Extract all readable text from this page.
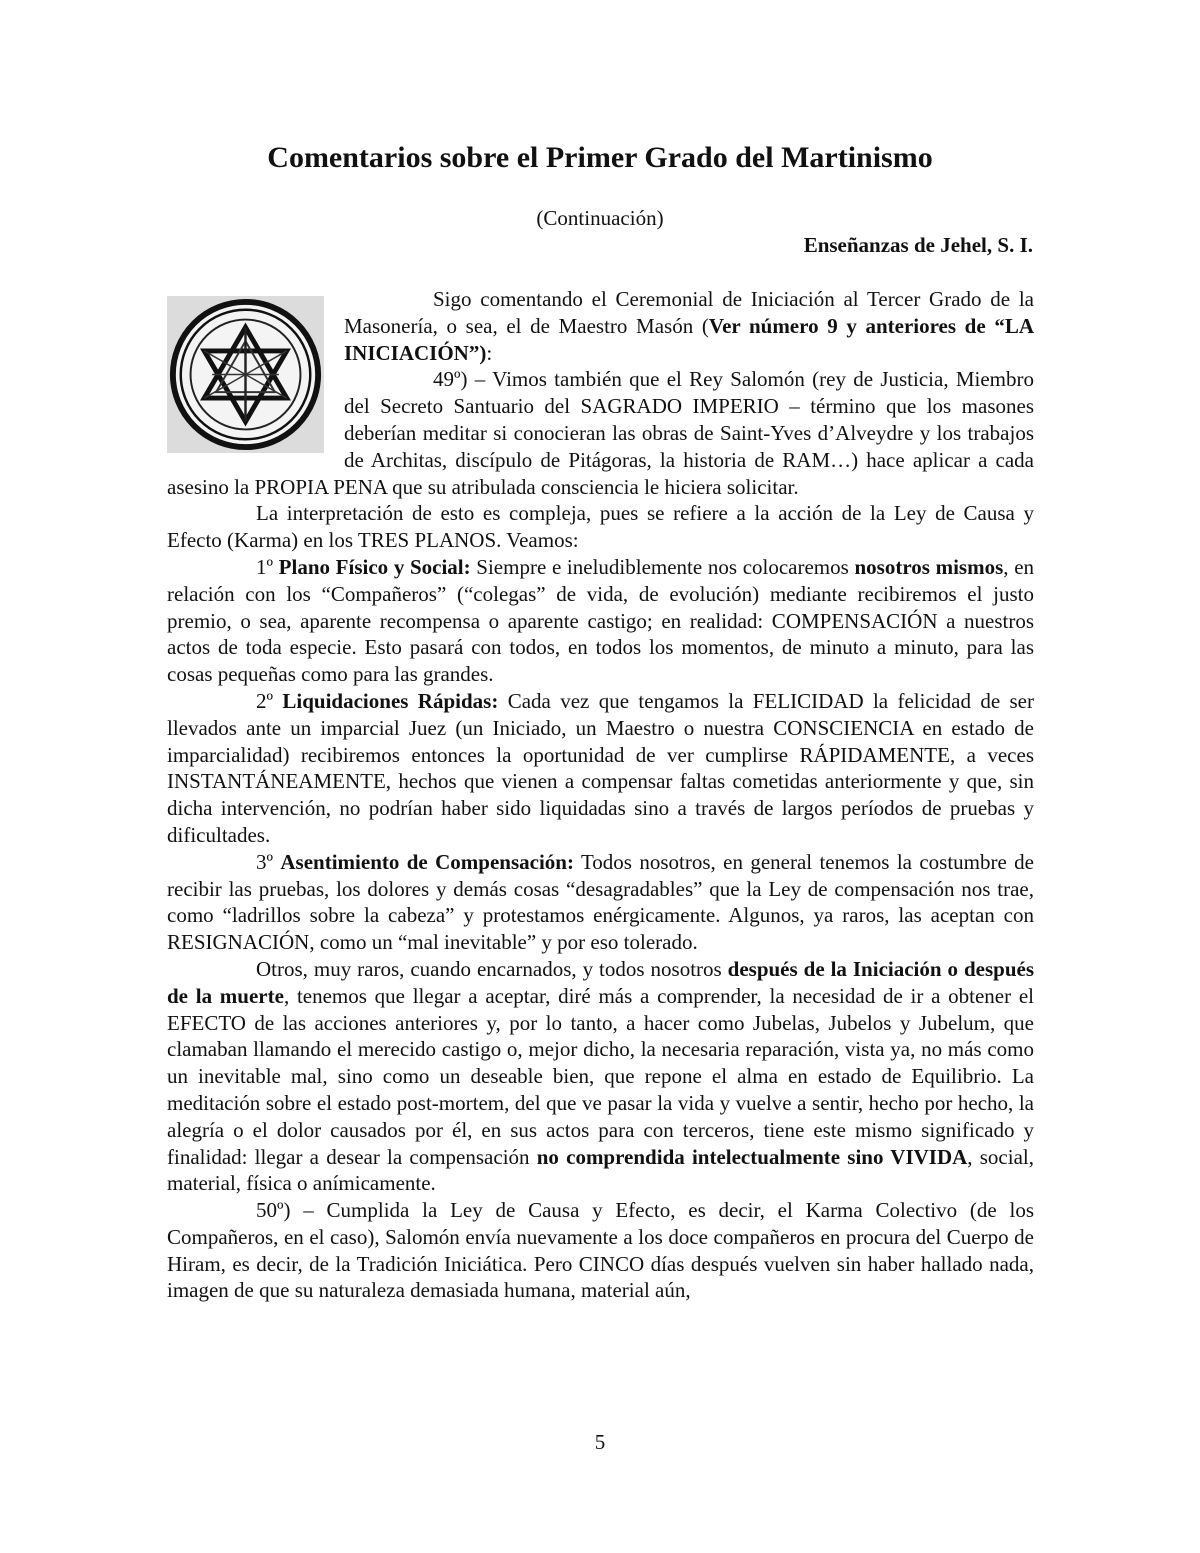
Comentarios sobre el Primer Grado del Martinismo
(Continuación)
Enseñanzas de Jehel, S. I.

Sigo comentando el Ceremonial de Iniciación al Tercer Grado de la Masonería, o sea, el de Maestro Masón (Ver número 9 y anteriores de “LA INICIACIÓN”):

49º) – Vimos también que el Rey Salomón (rey de Justicia, Miembro del Secreto Santuario del SAGRADO IMPERIO – término que los masones deberían meditar si conocieran las obras de Saint-Yves d’Alveydre y los trabajos de Architas, discípulo de Pitágoras, la historia de RAM…) hace aplicar a cada asesino la PROPIA PENA que su atribulada consciencia le hiciera solicitar.

La interpretación de esto es compleja, pues se refiere a la acción de la Ley de Causa y Efecto (Karma) en los TRES PLANOS. Veamos:

1º Plano Físico y Social: Siempre e ineludiblemente nos colocaremos nosotros mismos, en relación con los “Compañeros” (“colegas” de vida, de evolución) mediante recibiremos el justo premio, o sea, aparente recompensa o aparente castigo; en realidad: COMPENSACIÓN a nuestros actos de toda especie. Esto pasará con todos, en todos los momentos, de minuto a minuto, para las cosas pequeñas como para las grandes.

2º Liquidaciones Rápidas: Cada vez que tengamos la FELICIDAD la felicidad de ser llevados ante un imparcial Juez (un Iniciado, un Maestro o nuestra CONSCIENCIA en estado de imparcialidad) recibiremos entonces la oportunidad de ver cumplirse RÁPIDAMENTE, a veces INSTANTÁNEAMENTE, hechos que vienen a compensar faltas cometidas anteriormente y que, sin dicha intervención, no podrían haber sido liquidadas sino a través de largos períodos de pruebas y dificultades.

3º Asentimiento de Compensación: Todos nosotros, en general tenemos la costumbre de recibir las pruebas, los dolores y demás cosas “desagradables” que la Ley de compensación nos trae, como “ladrillos sobre la cabeza” y protestamos enérgicamente. Algunos, ya raros, las aceptan con RESIGNACIÓN, como un “mal inevitable” y por eso tolerado.

Otros, muy raros, cuando encarnados, y todos nosotros después de la Iniciación o después de la muerte, tenemos que llegar a aceptar, diré más a comprender, la necesidad de ir a obtener el EFECTO de las acciones anteriores y, por lo tanto, a hacer como Jubelas, Jubelos y Jubelum, que clamaban llamando el merecido castigo o, mejor dicho, la necesaria reparación, vista ya, no más como un inevitable mal, sino como un deseable bien, que repone el alma en estado de Equilibrio. La meditación sobre el estado post-mortem, del que ve pasar la vida y vuelve a sentir, hecho por hecho, la alegría o el dolor causados por él, en sus actos para con terceros, tiene este mismo significado y finalidad: llegar a desear la compensación no comprendida intelectualmente sino VIVIDA, social, material, física o anímicamente.

50º) – Cumplida la Ley de Causa y Efecto, es decir, el Karma Colectivo (de los Compañeros, en el caso), Salomón envía nuevamente a los doce compañeros en procura del Cuerpo de Hiram, es decir, de la Tradición Iniciática. Pero CINCO días después vuelven sin haber hallado nada, imagen de que su naturaleza demasiada humana, material aún,

5
